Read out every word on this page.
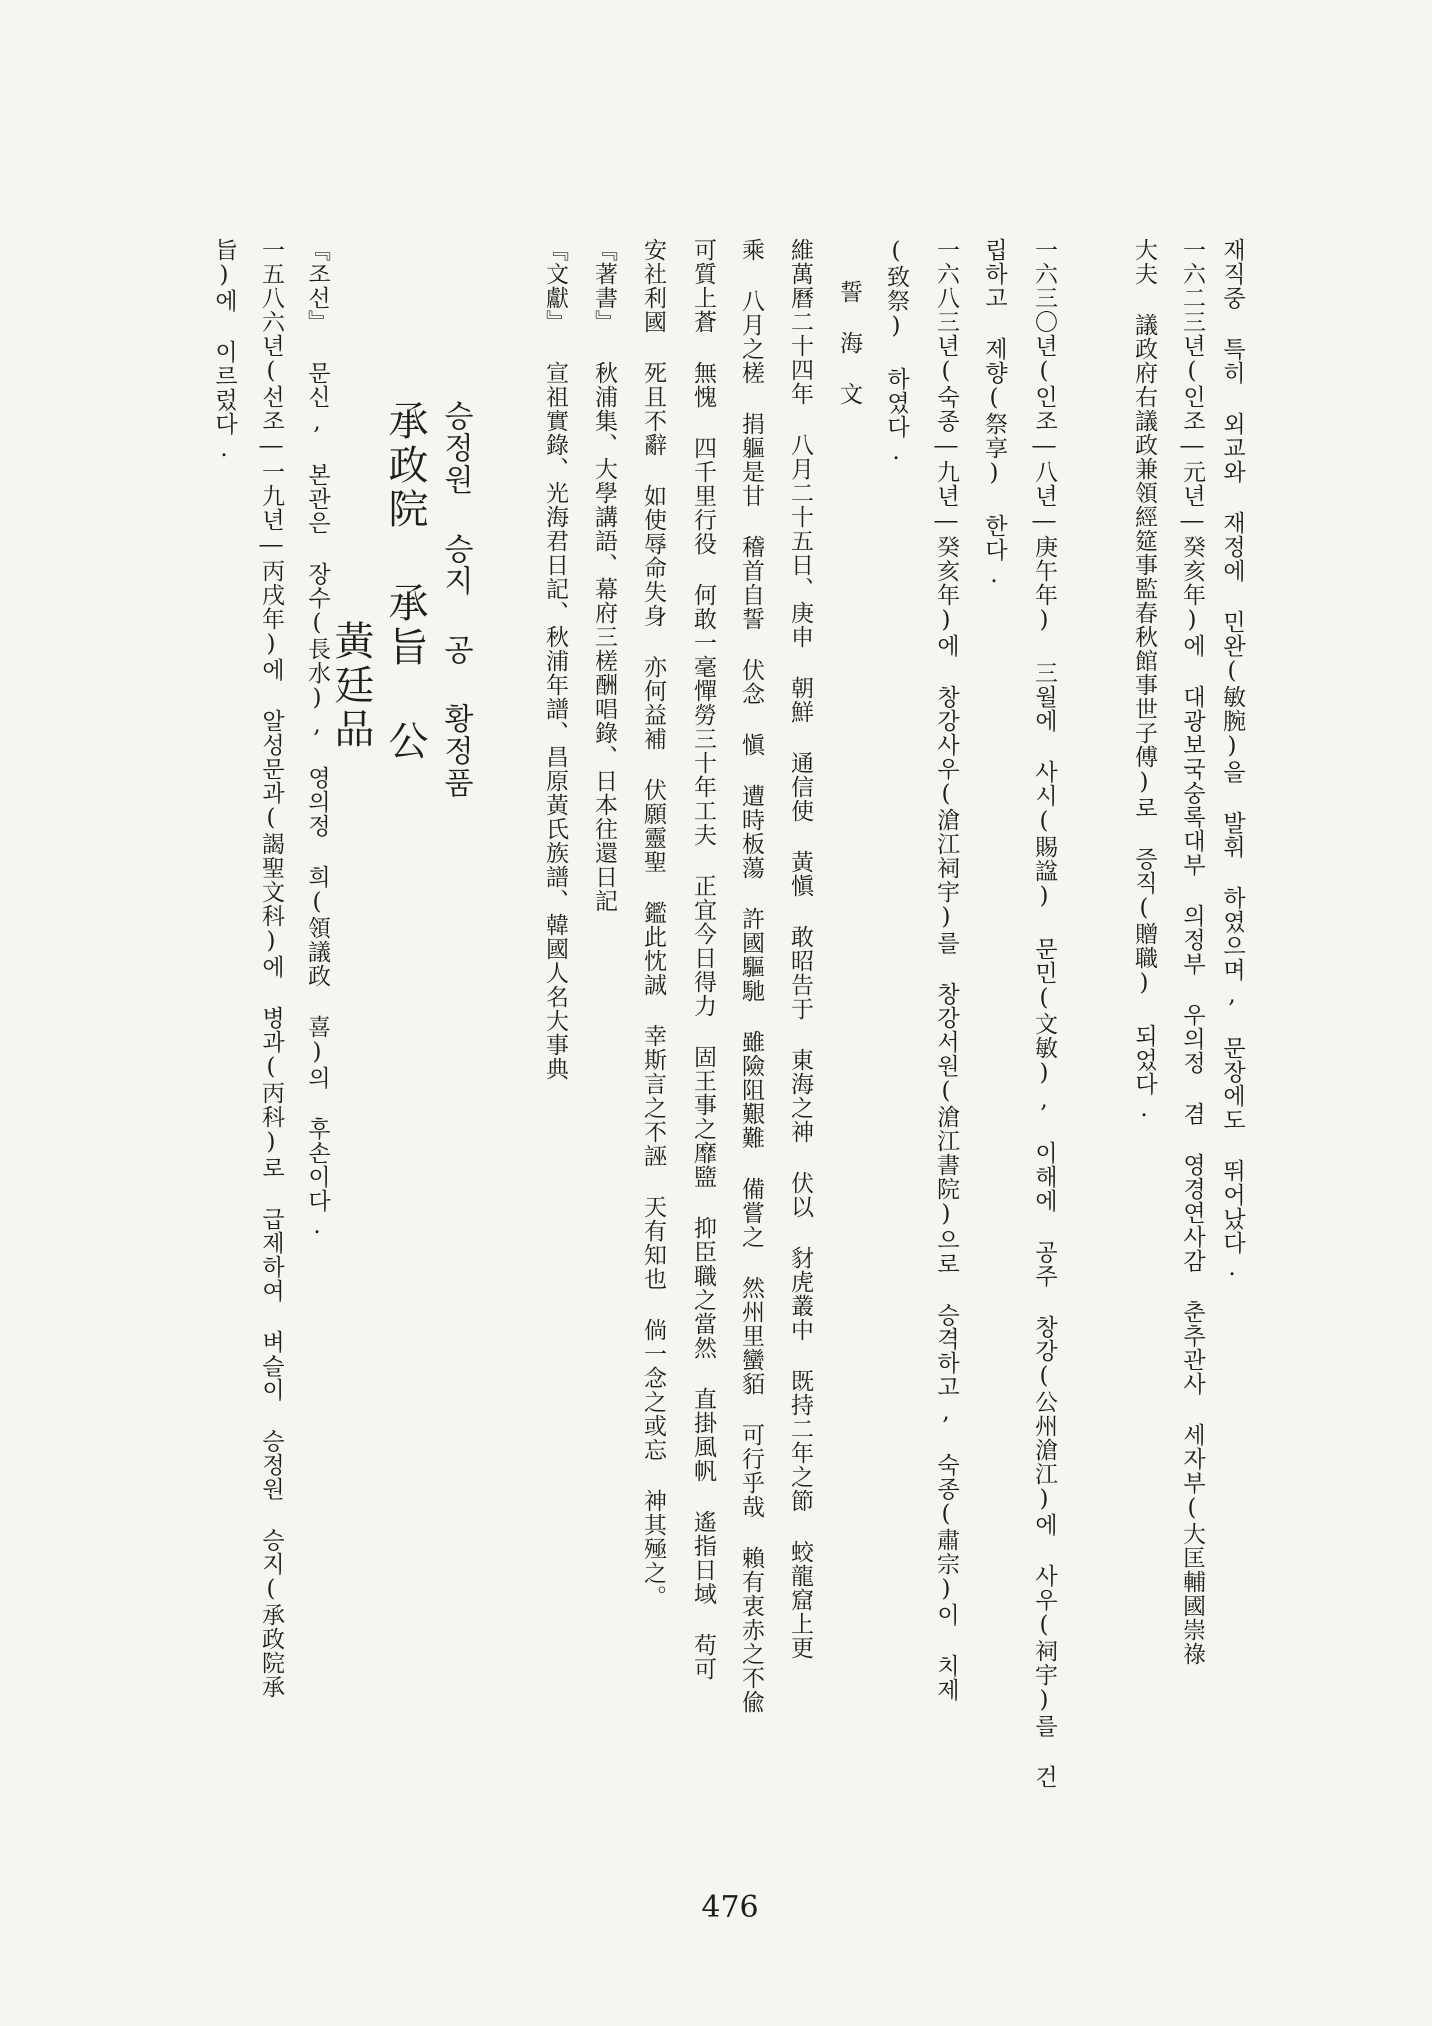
재직중 특히 외교와 재정에 민완(敏腕)을 발휘 하였으며, 문장에도 뛰어났다.
一六二三년(인조―元년―癸亥年)에 대광보국숭록대부 의정부 우의정 겸 영경연사감 춘추관사 세자부(大匡輔國崇祿
大夫 議政府右議政兼領經筵事監春秋館事世子傅)로 증직(贈職) 되었다.
一六三〇년(인조―八년―庚午年) 三월에 사시(賜諡) 문민(文敏), 이해에 공주 창강(公州滄江)에 사우(祠宇)를 건
립하고 제향(祭享) 한다.
一六八三년(숙종―九년―癸亥年)에 창강사우(滄江祠宇)를 창강서원(滄江書院)으로 승격하고, 숙종(肅宗)이 치제
(致祭) 하였다.
誓 海 文
維萬曆二十四年 八月二十五日、庚申 朝鮮 通信使 黃愼 敢昭告于 東海之神 伏以 豺虎叢中 既持二年之節 蛟龍窟上更
乘 八月之槎 捐軀是甘 稽首自誓 伏念 愼 遭時板蕩 許國驅馳 雖險阻艱難 備嘗之 然州里蠻貊 可行乎哉 賴有衷赤之不偸
可質上蒼 無愧 四千里行役 何敢一毫憚勞三十年工夫 正宜今日得力 固王事之靡盬 抑臣職之當然 直掛風帆 遙指日域 苟可
安社利國 死且不辭 如使辱命失身 亦何益補 伏願靈聖 鑑此忱誠 幸斯言之不誣 天有知也 倘一念之或忘 神其殛之。
『著書』 秋浦集、大學講語、幕府三槎酬唱錄、日本往還日記
『文獻』 宣祖實錄、光海君日記、秋浦年譜、昌原黃氏族譜、韓國人名大事典
승정원 승지 공 황정품
承政院 承旨 公
黃廷品
『조선』 문신, 본관은 장수(長水), 영의정 희(領議政 喜)의 후손이다.
一五八六년(선조―一九년―丙戌年)에 알성문과(謁聖文科)에 병과(丙科)로 급제하여 벼슬이 승정원 승지(承政院承
旨)에 이르렀다.
476
